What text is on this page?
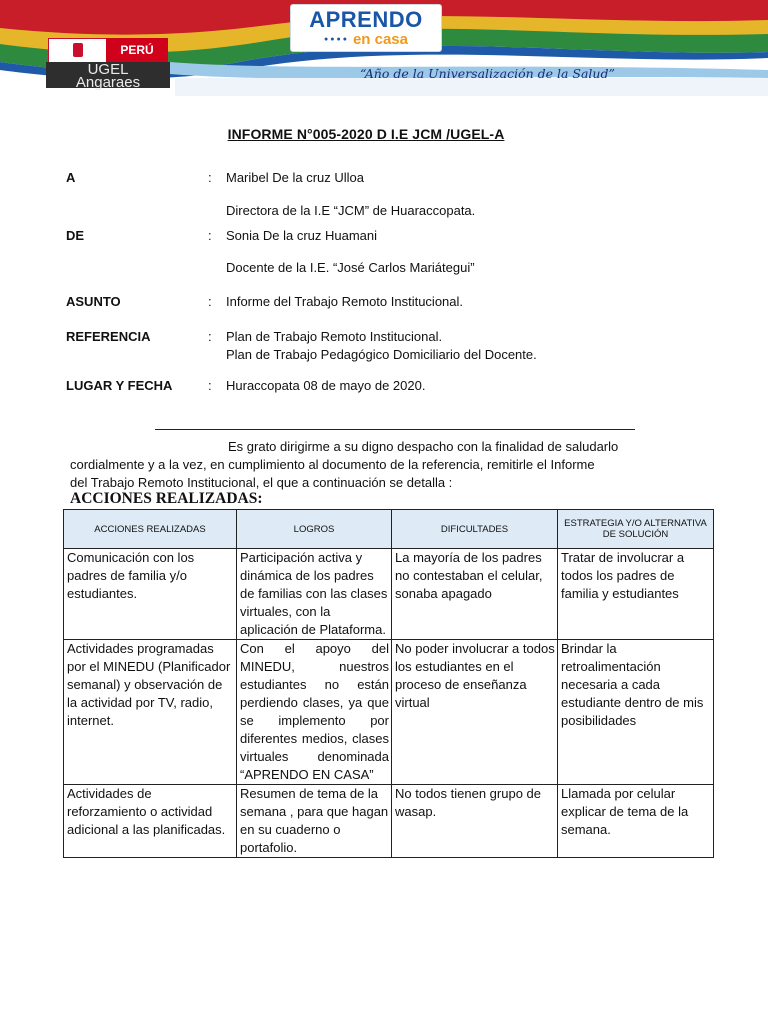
APRENDO
●●●● en casa
PERÚ
UGEL
Angaraes
“Año de la Universalización de la Salud”
INFORME N°005-2020 D I.E JCM /UGEL-A
A	: Maribel De la cruz Ulloa
Directora de la I.E “JCM” de Huaraccopata.
DE	: Sonia De la cruz Huamani
Docente de la I.E. “José Carlos Mariátegui”
ASUNTO	: Informe del Trabajo Remoto Institucional.
REFERENCIA	: Plan de Trabajo Remoto Institucional.
Plan de Trabajo Pedagógico Domiciliario del Docente.
LUGAR Y FECHA	: Huraccopata 08 de mayo de 2020.
Es grato dirigirme a su digno despacho con la finalidad de saludarlo
cordialmente y a la vez, en cumplimiento al documento de la referencia, remitirle el Informe
del Trabajo Remoto Institucional, el que a continuación se detalla :
ACCIONES REALIZADAS:
ACCIONES REALIZADAS	LOGROS	DIFICULTADES	ESTRATEGIA Y/O ALTERNATIVA DE SOLUCIÓN
Comunicación con los padres de familia y/o estudiantes.	Participación activa y dinámica de los padres de familias con las clases virtuales, con la aplicación de Plataforma.	La mayoría de los padres no contestaban el celular, sonaba apagado	Tratar de involucrar a todos los padres de familia y estudiantes
Actividades programadas por el MINEDU (Planificador semanal) y observación de la actividad por TV, radio, internet.	Con el apoyo del MINEDU, nuestros estudiantes no están perdiendo clases, ya que se implemento por diferentes medios, clases virtuales denominada “APRENDO EN CASA”	No poder involucrar a todos los estudiantes en el proceso de enseñanza virtual	Brindar la retroalimentación necesaria a cada estudiante dentro de mis posibilidades
Actividades de reforzamiento o actividad adicional a las planificadas.	Resumen de tema de la semana , para que hagan en su cuaderno o portafolio.	No todos tienen grupo de wasap.	Llamada por celular explicar de tema de la semana.
